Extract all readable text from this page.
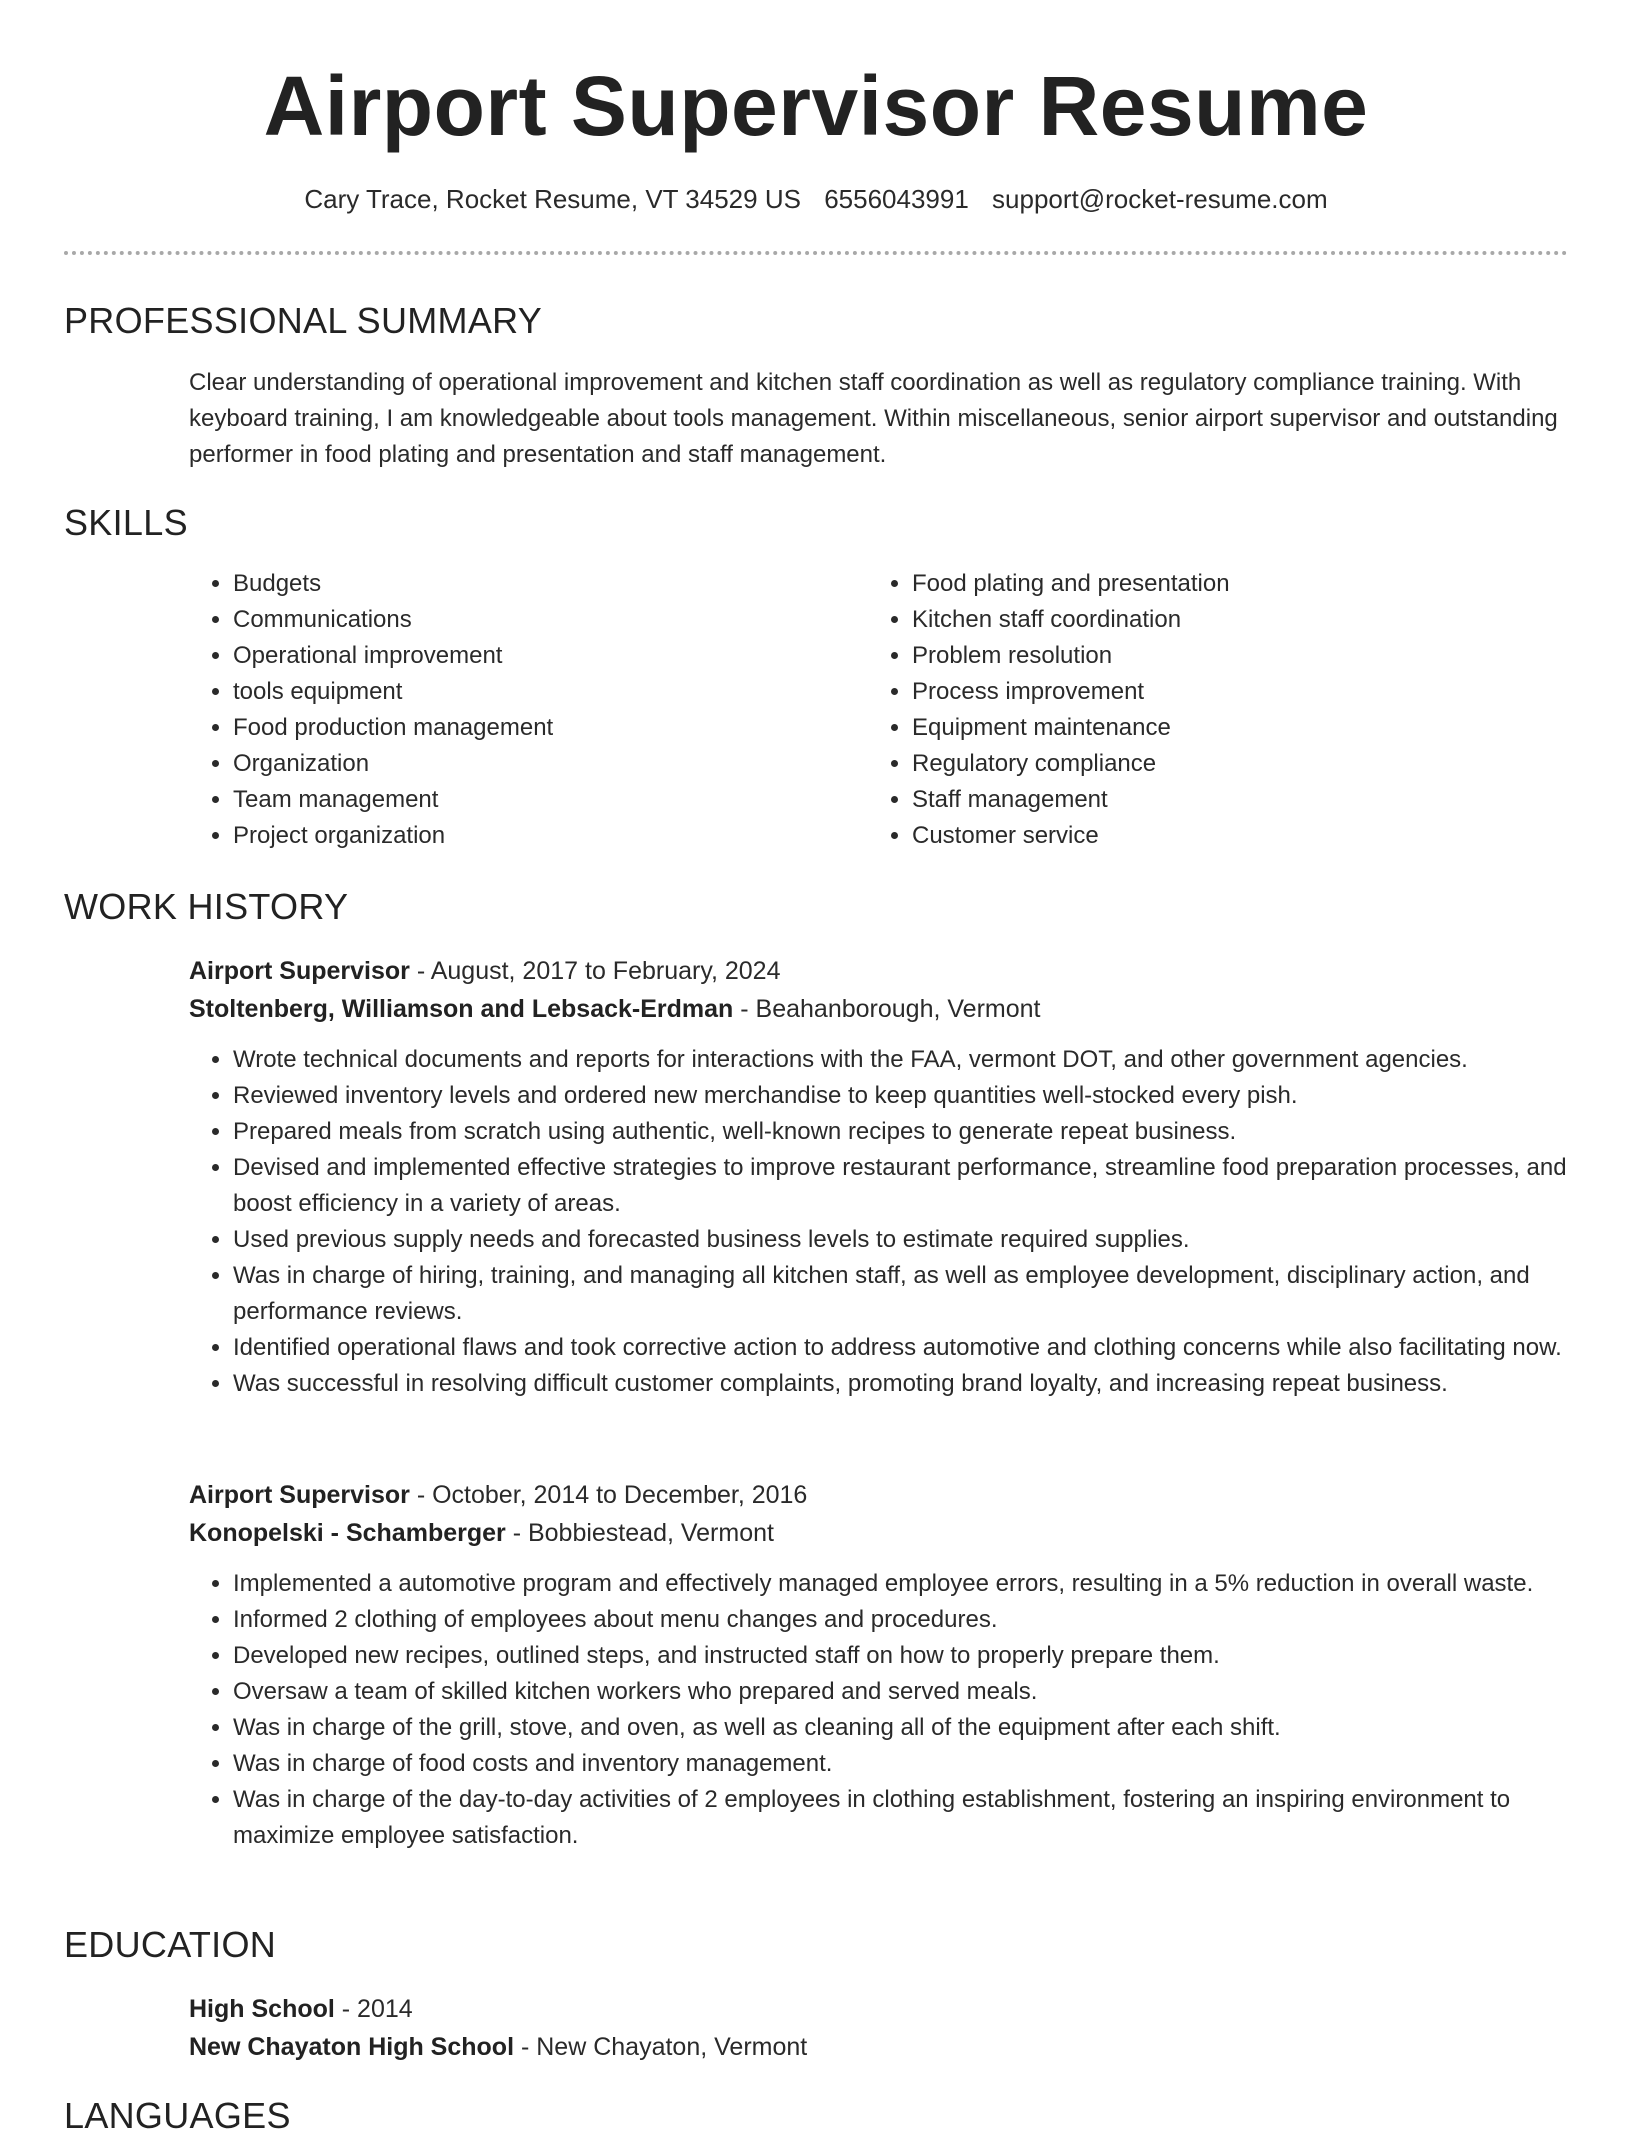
Airport Supervisor Resume
Cary Trace, Rocket Resume, VT 34529 US 6556043991 support@rocket-resume.com
PROFESSIONAL SUMMARY
Clear understanding of operational improvement and kitchen staff coordination as well as regulatory compliance training. With keyboard training, I am knowledgeable about tools management. Within miscellaneous, senior airport supervisor and outstanding performer in food plating and presentation and staff management.
SKILLS
• Budgets
• Communications
• Operational improvement
• tools equipment
• Food production management
• Organization
• Team management
• Project organization
• Food plating and presentation
• Kitchen staff coordination
• Problem resolution
• Process improvement
• Equipment maintenance
• Regulatory compliance
• Staff management
• Customer service
WORK HISTORY
Airport Supervisor - August, 2017 to February, 2024
Stoltenberg, Williamson and Lebsack-Erdman - Beahanborough, Vermont
• Wrote technical documents and reports for interactions with the FAA, vermont DOT, and other government agencies.
• Reviewed inventory levels and ordered new merchandise to keep quantities well-stocked every pish.
• Prepared meals from scratch using authentic, well-known recipes to generate repeat business.
• Devised and implemented effective strategies to improve restaurant performance, streamline food preparation processes, and boost efficiency in a variety of areas.
• Used previous supply needs and forecasted business levels to estimate required supplies.
• Was in charge of hiring, training, and managing all kitchen staff, as well as employee development, disciplinary action, and performance reviews.
• Identified operational flaws and took corrective action to address automotive and clothing concerns while also facilitating now.
• Was successful in resolving difficult customer complaints, promoting brand loyalty, and increasing repeat business.
Airport Supervisor - October, 2014 to December, 2016
Konopelski - Schamberger - Bobbiestead, Vermont
• Implemented a automotive program and effectively managed employee errors, resulting in a 5% reduction in overall waste.
• Informed 2 clothing of employees about menu changes and procedures.
• Developed new recipes, outlined steps, and instructed staff on how to properly prepare them.
• Oversaw a team of skilled kitchen workers who prepared and served meals.
• Was in charge of the grill, stove, and oven, as well as cleaning all of the equipment after each shift.
• Was in charge of food costs and inventory management.
• Was in charge of the day-to-day activities of 2 employees in clothing establishment, fostering an inspiring environment to maximize employee satisfaction.
EDUCATION
High School - 2014
New Chayaton High School - New Chayaton, Vermont
LANGUAGES
